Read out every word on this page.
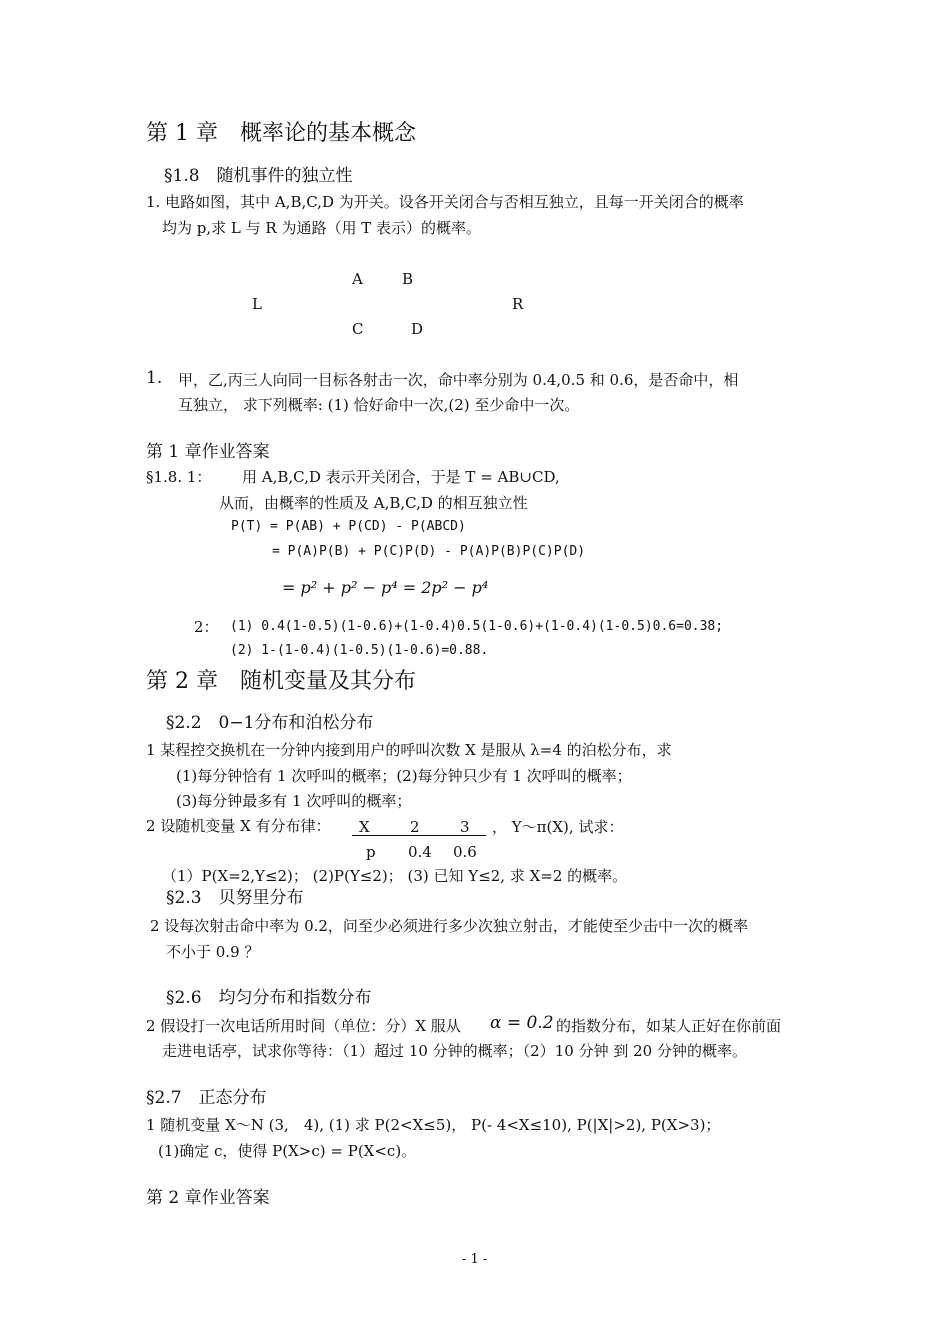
第 1 章　概率论的基本概念
§1.8　随机事件的独立性
1. 电路如图，其中 A,B,C,D 为开关。设各开关闭合与否相互独立，且每一开关闭合的概率
均为 p,求 L 与 R 为通路（用 T 表示）的概率。
A	B
L	R
C	D
1. 甲，乙,丙三人向同一目标各射击一次，命中率分别为 0.4,0.5 和 0.6，是否命中，相
互独立， 求下列概率: (1) 恰好命中一次,(2) 至少命中一次。
第 1 章作业答案
§1.8. 1： 用 A,B,C,D 表示开关闭合，于是 T = AB∪CD,
从而，由概率的性质及 A,B,C,D 的相互独立性
P(T) = P(AB) + P(CD) - P(ABCD)
= P(A)P(B) + P(C)P(D) - P(A)P(B)P(C)P(D)
= p² + p² − p⁴ = 2p² − p⁴
2： (1) 0.4(1-0.5)(1-0.6)+(1-0.4)0.5(1-0.6)+(1-0.4)(1-0.5)0.6=0.38;
(2) 1-(1-0.4)(1-0.5)(1-0.6)=0.88.
第 2 章　随机变量及其分布
§2.2　0−1分布和泊松分布
1 某程控交换机在一分钟内接到用户的呼叫次数 X 是服从 λ=4 的泊松分布，求
(1)每分钟恰有 1 次呼叫的概率；(2)每分钟只少有 1 次呼叫的概率；
(3)每分钟最多有 1 次呼叫的概率；
2 设随机变量 X 有分布律： X	2	3
p 0.4 0.6
， Y～π(X), 试求：
（1）P(X=2,Y≤2)； (2)P(Y≤2)； (3) 已知 Y≤2, 求 X=2 的概率。
§2.3　贝努里分布
2 设每次射击命中率为 0.2，问至少必须进行多少次独立射击，才能使至少击中一次的概率
不小于 0.9 ？
§2.6　均匀分布和指数分布
2 假设打一次电话所用时间（单位：分）X 服从 α = 0.2 的指数分布，如某人正好在你前面
走进电话亭，试求你等待：（1）超过 10 分钟的概率；（2）10 分钟 到 20 分钟的概率。
§2.7　正态分布
1 随机变量 X～N (3,　4), (1) 求 P(2<X≤5)， P(- 4<X≤10), P(|X|>2), P(X>3)；
(1)确定 c，使得 P(X>c) = P(X<c)。
第 2 章作业答案
- 1 -
